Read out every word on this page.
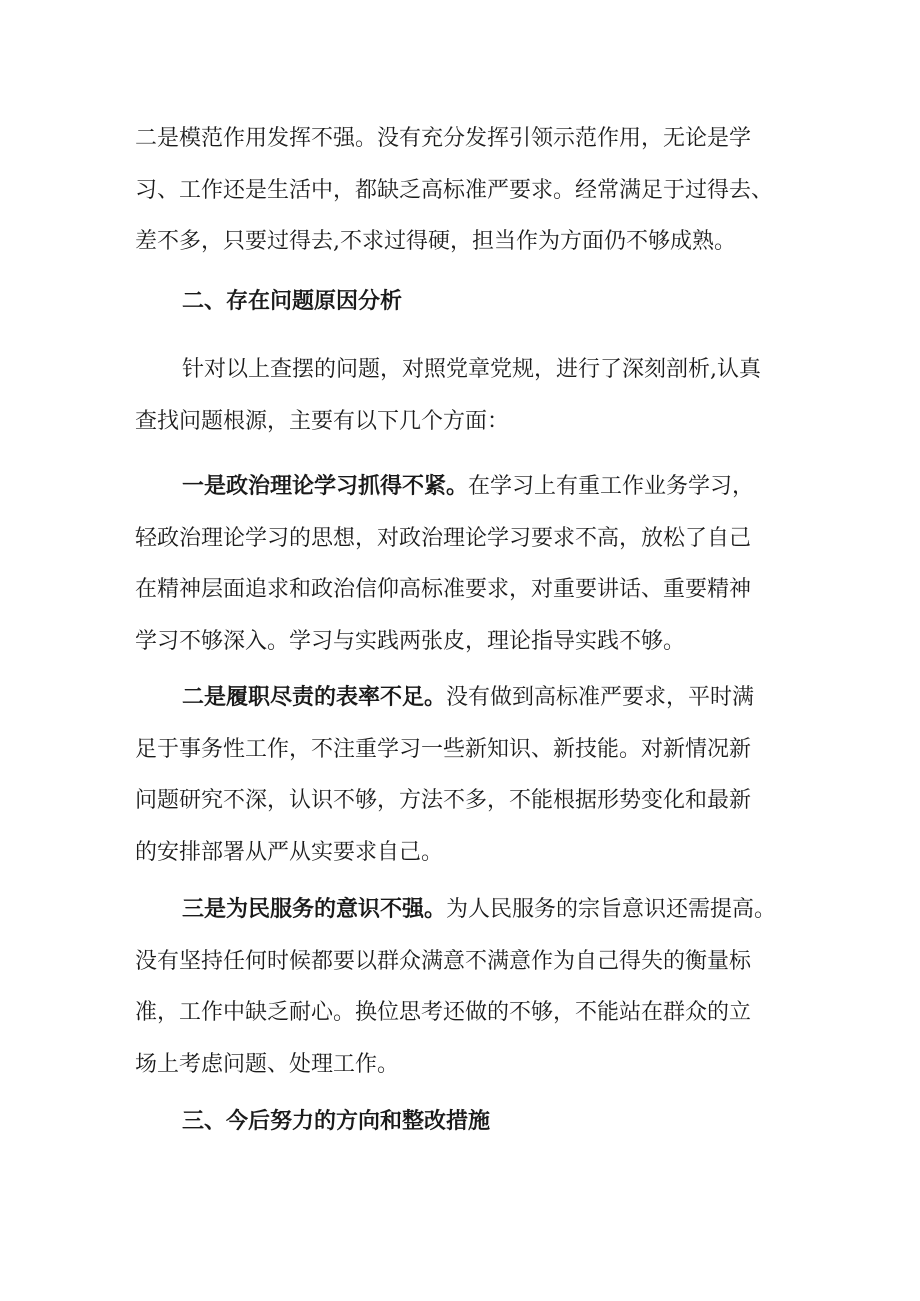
二是模范作用发挥不强。没有充分发挥引领示范作用，无论是学
习、工作还是生活中，都缺乏高标准严要求。经常满足于过得去、
差不多，只要过得去,不求过得硬，担当作为方面仍不够成熟。
二、存在问题原因分析
针对以上查摆的问题，对照党章党规，进行了深刻剖析,认真
查找问题根源，主要有以下几个方面：
一是政治理论学习抓得不紧。在学习上有重工作业务学习，
轻政治理论学习的思想，对政治理论学习要求不高，放松了自己
在精神层面追求和政治信仰高标准要求，对重要讲话、重要精神
学习不够深入。学习与实践两张皮，理论指导实践不够。
二是履职尽责的表率不足。没有做到高标准严要求，平时满
足于事务性工作，不注重学习一些新知识、新技能。对新情况新
问题研究不深，认识不够，方法不多，不能根据形势变化和最新
的安排部署从严从实要求自己。
三是为民服务的意识不强。为人民服务的宗旨意识还需提高。
没有坚持任何时候都要以群众满意不满意作为自己得失的衡量标
准，工作中缺乏耐心。换位思考还做的不够，不能站在群众的立
场上考虑问题、处理工作。
三、今后努力的方向和整改措施
